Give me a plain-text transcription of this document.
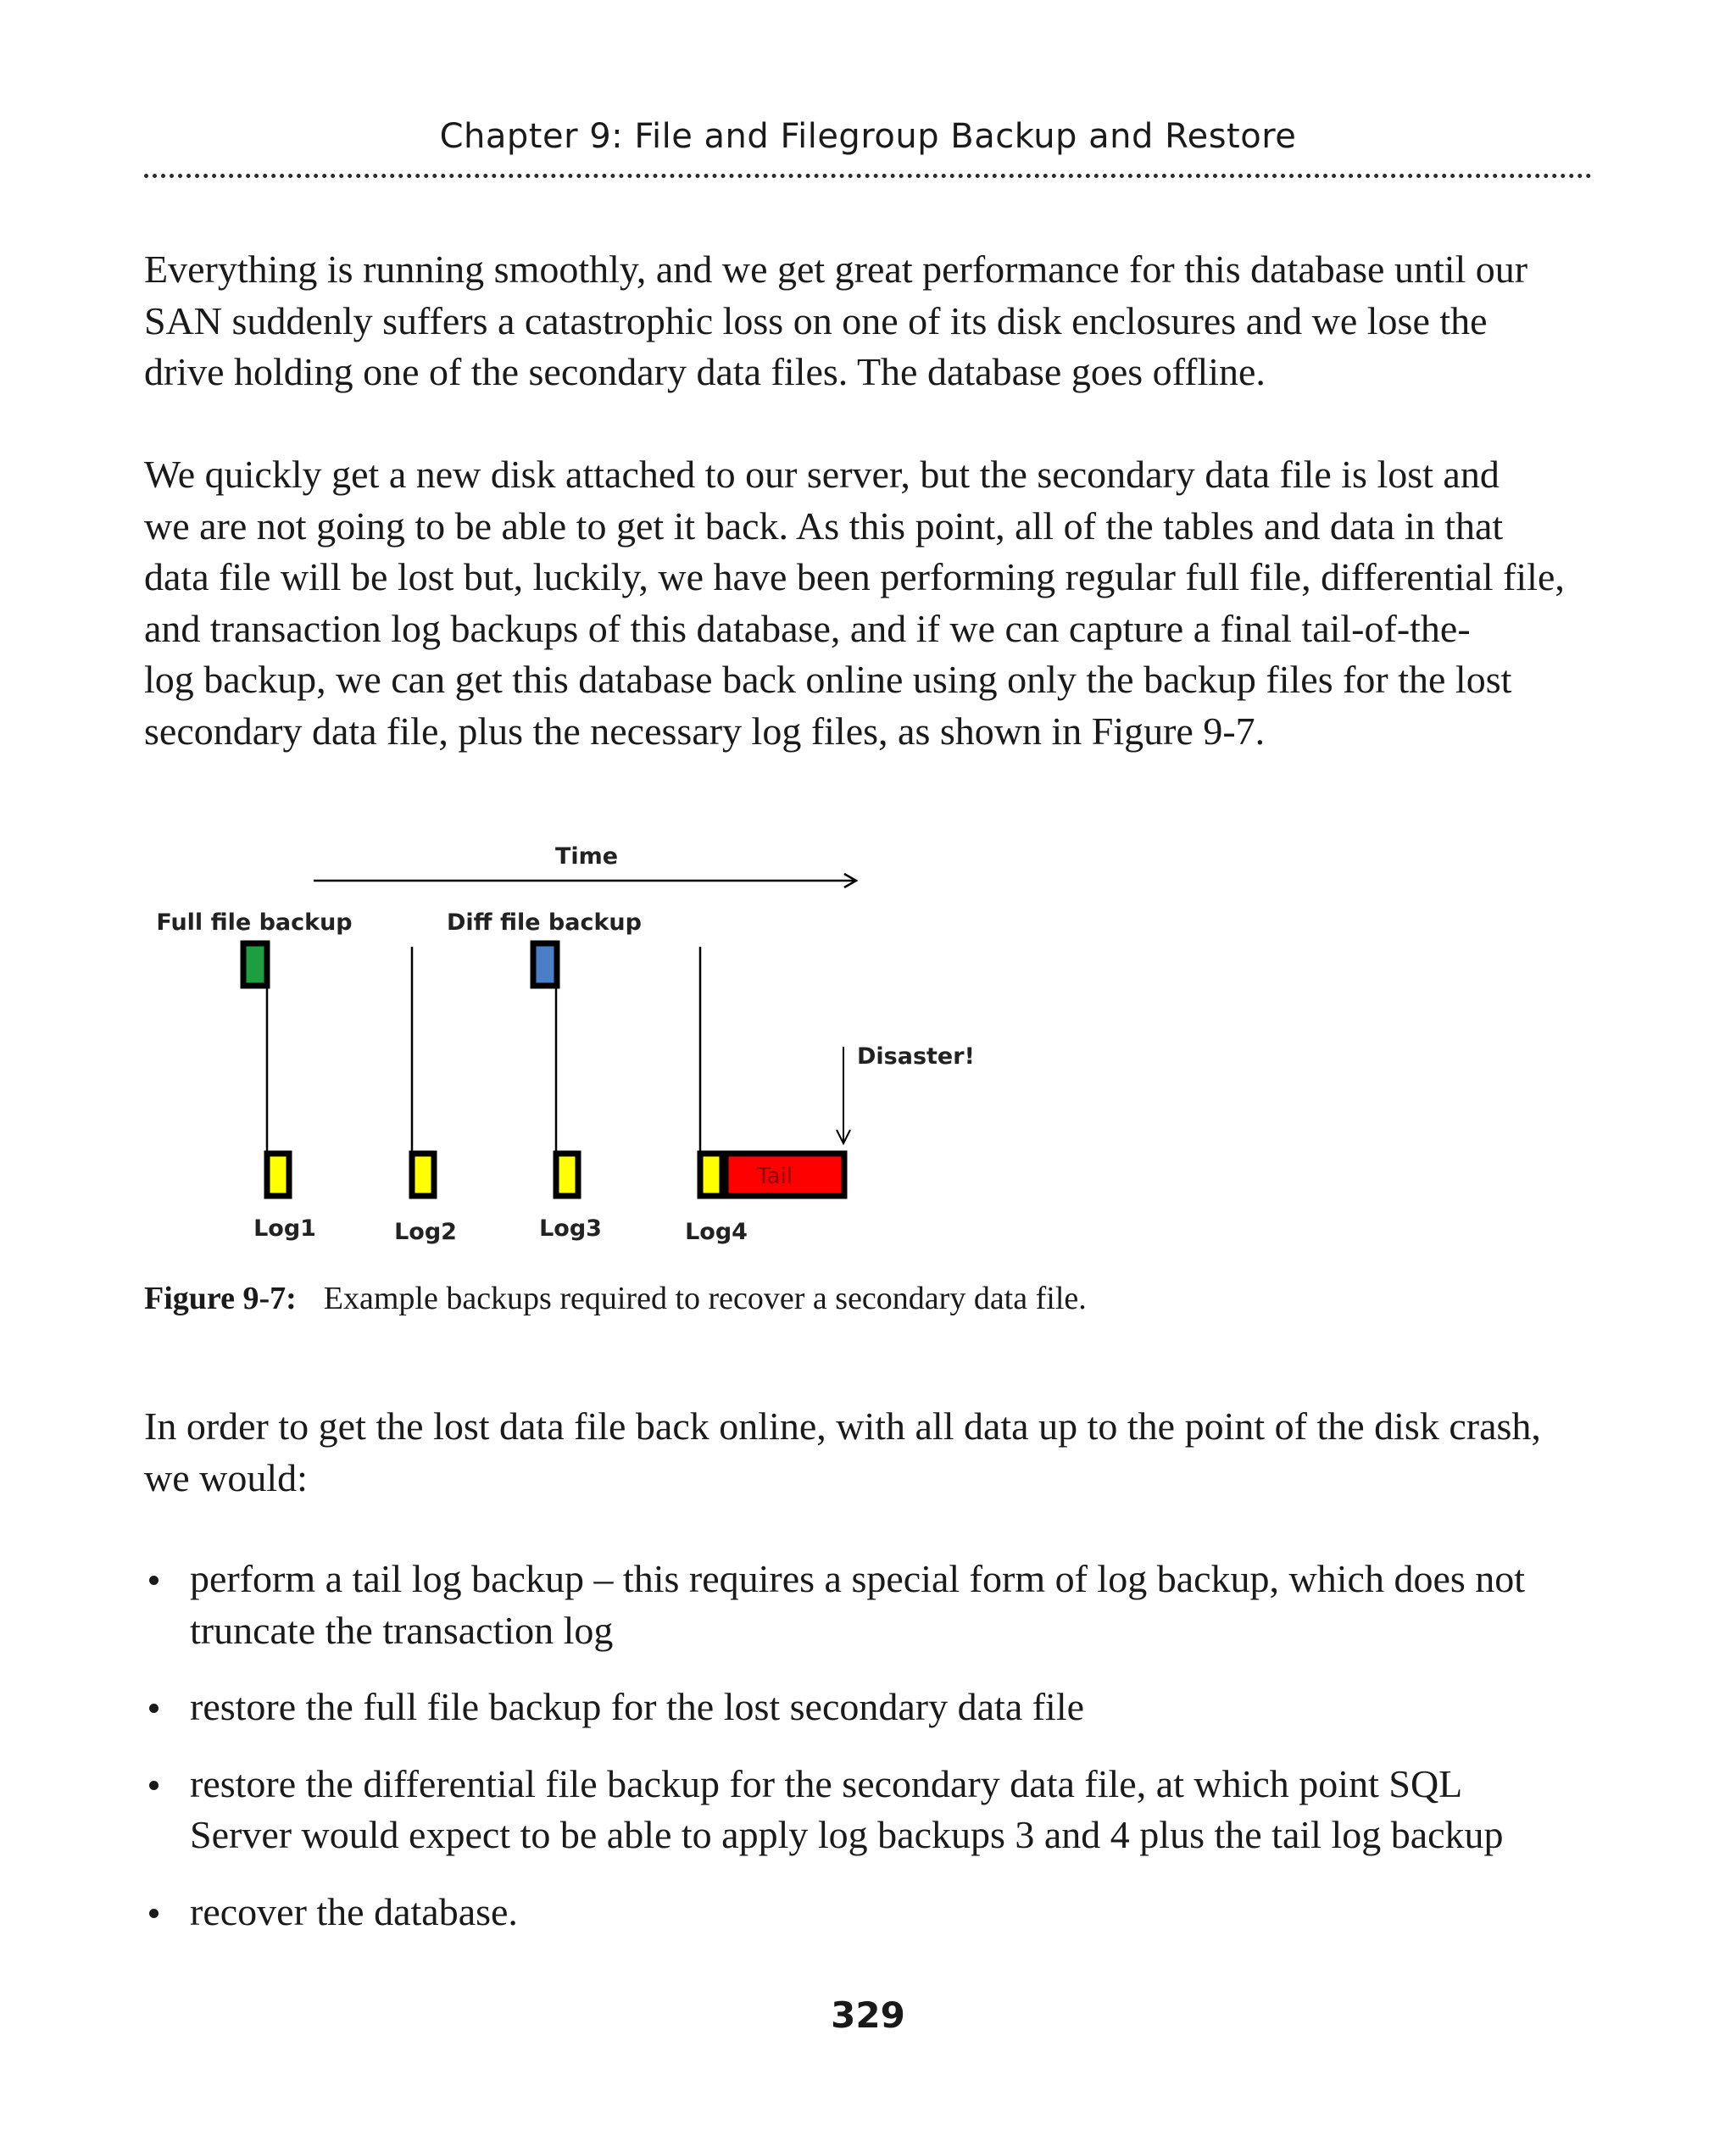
Chapter 9: File and Filegroup Backup and Restore
Everything is running smoothly, and we get great performance for this database until our
SAN suddenly suffers a catastrophic loss on one of its disk enclosures and we lose the
drive holding one of the secondary data files. The database goes offline.
We quickly get a new disk attached to our server, but the secondary data file is lost and
we are not going to be able to get it back. As this point, all of the tables and data in that
data file will be lost but, luckily, we have been performing regular full file, differential file,
and transaction log backups of this database, and if we can capture a final tail-of-the-
log backup, we can get this database back online using only the backup files for the lost
secondary data file, plus the necessary log files, as shown in Figure 9-7.
Time
Full file backup	Diff file backup
Tail
Disaster!
Log1	Log2	Log3	Log4
Figure 9-7: Example backups required to recover a secondary data file.
In order to get the lost data file back online, with all data up to the point of the disk crash,
we would:
perform a tail log backup – this requires a special form of log backup, which does not
truncate the transaction log
restore the full file backup for the lost secondary data file
restore the differential file backup for the secondary data file, at which point SQL
Server would expect to be able to apply log backups 3 and 4 plus the tail log backup
recover the database.
329
